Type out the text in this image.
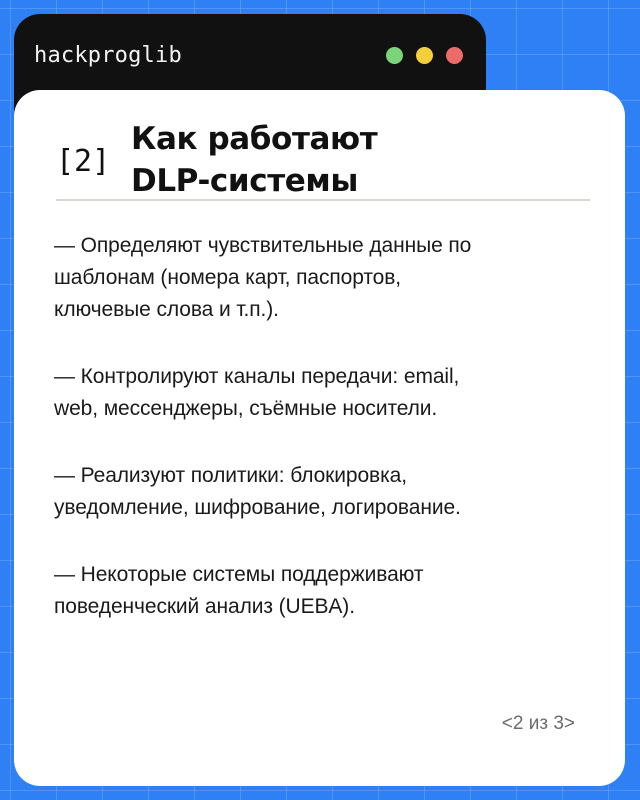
hackproglib
[2]
Как работают
DLP-системы

— Определяют чувствительные данные по
шаблонам (номера карт, паспортов,
ключевые слова и т.п.).

— Контролируют каналы передачи: email,
web, мессенджеры, съёмные носители.

— Реализуют политики: блокировка,
уведомление, шифрование, логирование.

— Некоторые системы поддерживают
поведенческий анализ (UEBA).

<2 из 3>
